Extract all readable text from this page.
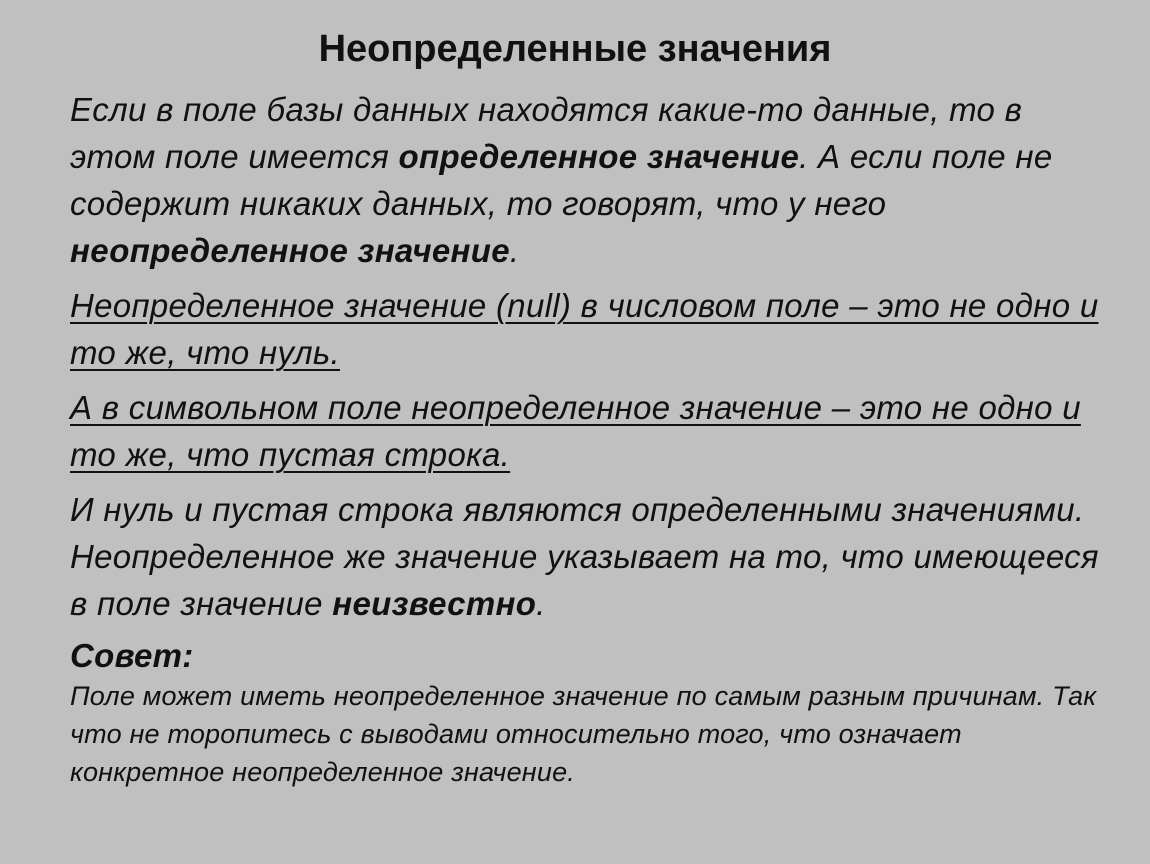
Неопределенные значения
Если в поле базы данных находятся какие-то данные, то в этом поле имеется определенное значение. А если поле не содержит никаких данных, то говорят, что у него неопределенное значение.
Неопределенное значение (null) в числовом поле – это не одно и то же, что нуль.
А в символьном поле неопределенное значение – это не одно и то же, что пустая строка.
И нуль и пустая строка являются определенными значениями. Неопределенное же значение указывает на то, что имеющееся в поле значение неизвестно.
Совет:
Поле может иметь неопределенное значение по самым разным причинам. Так что не торопитесь с выводами относительно того, что означает конкретное неопределенное значение.
